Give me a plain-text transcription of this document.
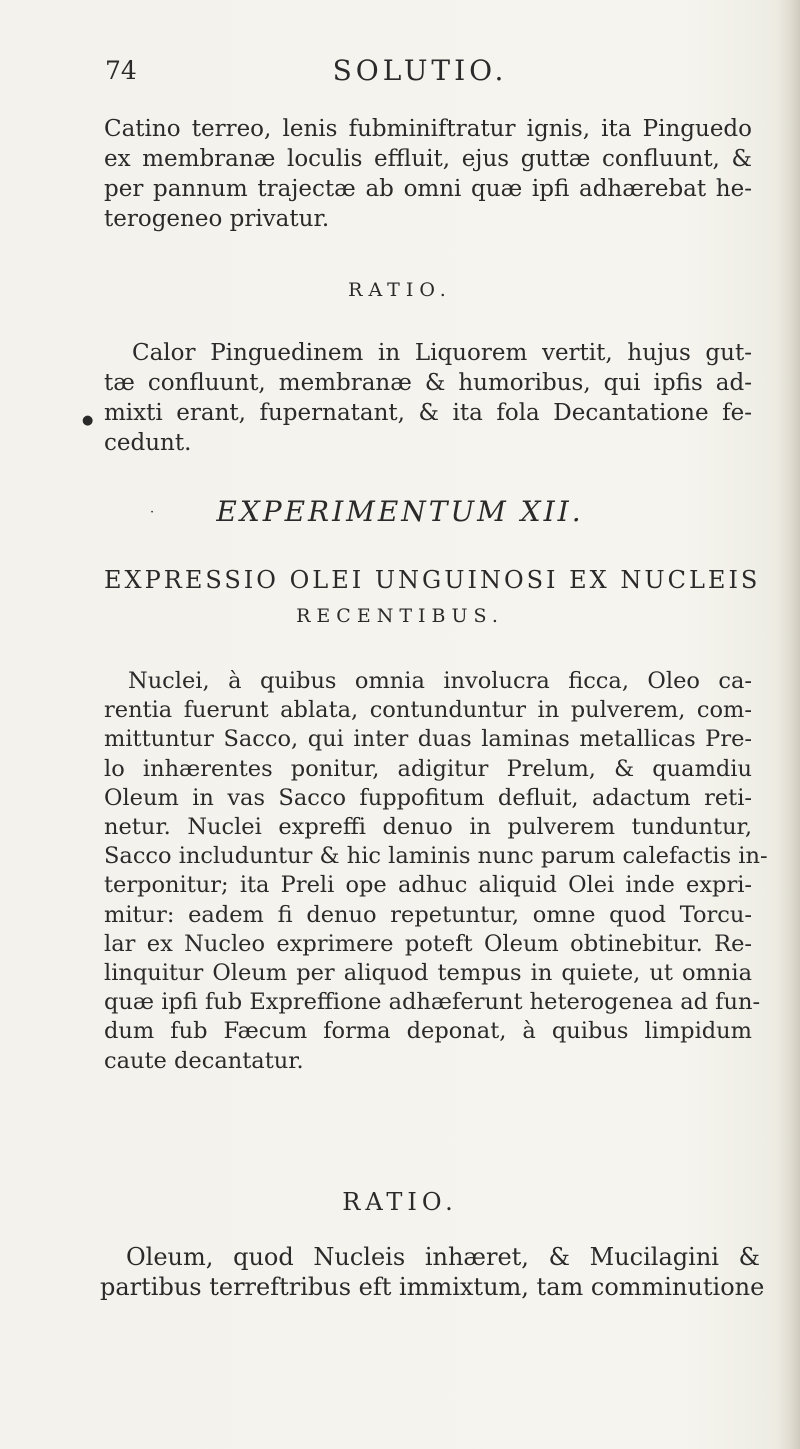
74	SOLUTIO.
Catino terreo, lenis fubminiftratur ignis, ita Pinguedo
ex membranæ loculis effluit, ejus guttæ confluunt, &
per pannum trajectæ ab omni quæ ipfi adhærebat he-
terogeneo privatur.
RATIO.
Calor Pinguedinem in Liquorem vertit, hujus gut-
tæ confluunt, membranæ & humoribus, qui ipfis ad-
mixti erant, fupernatant, & ita fola Decantatione fe-
cedunt.
●
·	EXPERIMENTUM XII.
EXPRESSIO OLEI UNGUINOSI EX NUCLEIS
RECENTIBUS.
Nuclei, à quibus omnia involucra ficca, Oleo ca-
rentia fuerunt ablata, contunduntur in pulverem, com-
mittuntur Sacco, qui inter duas laminas metallicas Pre-
lo inhærentes ponitur, adigitur Prelum, & quamdiu
Oleum in vas Sacco fuppofitum defluit, adactum reti-
netur. Nuclei expreffi denuo in pulverem tunduntur,
Sacco includuntur & hic laminis nunc parum calefactis in-
terponitur; ita Preli ope adhuc aliquid Olei inde expri-
mitur: eadem fi denuo repetuntur, omne quod Torcu-
lar ex Nucleo exprimere poteft Oleum obtinebitur. Re-
linquitur Oleum per aliquod tempus in quiete, ut omnia
quæ ipfi fub Expreffione adhæferunt heterogenea ad fun-
dum fub Fæcum forma deponat, à quibus limpidum
caute decantatur.
RATIO.
Oleum, quod Nucleis inhæret, & Mucilagini &
partibus terreftribus eft immixtum, tam comminutione
